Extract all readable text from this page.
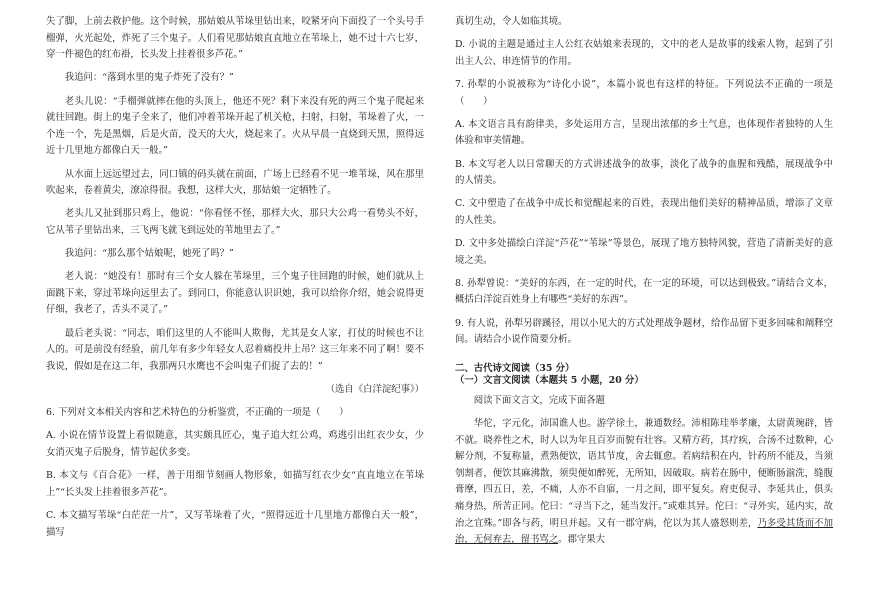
失了脚，上前去救护他。这个时候，那姑娘从苇垛里钻出来，咬紧牙向下面投了一个头号手榴弹，火光起处，炸死了三个鬼子。人们看见那姑娘直直地立在苇垛上，她不过十六七岁，穿一件褪色的红布褂，长头发上挂着很多芦花。”

我追问：“落到水里的鬼子炸死了没有？”

老头儿说：“手榴弹就摔在他的头顶上，他还不死？剩下来没有死的两三个鬼子爬起来就往回跑。街上的鬼子全来了，他们冲着苇垛开起了机关枪，扫射，扫射，苇垛着了火，一个连一个，先是黑烟，后是火苗，没天的大火，烧起来了。火从早晨一直烧到天黑，照得远近十几里地方都像白天一般。”

从水面上远远望过去，同口镇的码头就在前面，广场上已经看不见一堆苇垛，风在那里吹起来，卷着黄尖，潦凉得很。我想，这样大火，那姑娘一定牺牲了。

老头儿又扯到那只鸡上，他说：“你看怪不怪，那样大火，那只大公鸡一看势头不好，它从苇子里钻出来，三飞两飞就飞到远处的苇地里去了。”

我追问：“那么那个姑娘呢，她死了吗？”

老人说：“她没有！那时有三个女人躲在苇垛里，三个鬼子往回跑的时候，她们就从上面跳下来，穿过苇垛向远里去了。到同口，你能意认识识她，我可以给你介绍，她会说得更仔细，我老了，舌头不灵了。”

最后老头说：“同志，咱们这里的人不能叫人欺侮，尤其是女人家，打仗的时候也不让人的。可是前没有经验，前几年有多少年轻女人忍着痛投井上吊？这三年来不同了啊！要不我说，假如是在这二年，我那两只水鹰也不会叫鬼子们捉了去的！”

（选自《白洋淀纪事》）

6. 下列对文本相关内容和艺术特色的分析鉴赏，不正确的一项是（　　）

A. 小说在情节设置上看似随意，其实颇具匠心，鬼子追大红公鸡，鸡逃引出红衣少女，少女消灭鬼子后脱身，情节起伏多变。

B. 本文与《百合花》一样，善于用细节刻画人物形象，如描写红衣少女“直直地立在苇垛上”“长头发上挂着很多芦花”。

C. 本文描写苇垛“白茫茫一片”，又写苇垛着了火，“照得远近十几里地方都像白天一般”，描写

真切生动，令人如临其境。

D. 小说的主题是通过主人公红衣姑娘来表现的，文中的老人是故事的线索人物，起到了引出主人公、串连情节的作用。

7. 孙犁的小说被称为“诗化小说”，本篇小说也有这样的特征。下列说法不正确的一项是（　　）

A. 本文语言具有韵律美，多处运用方言，呈现出浓郁的乡土气息，也体现作者独特的人生体验和审美情趣。

B. 本文写老人以日常聊天的方式讲述战争的故事，淡化了战争的血腥和残酷，展现战争中的人情美。

C. 文中塑造了在战争中成长和觉醒起来的百姓，表现出他们美好的精神品质，增添了文章的人性美。

D. 文中多处描绘白洋淀“芦花”“苇垛”等景色，展现了地方独特风貌，营造了清新美好的意境之美。

8. 孙犁曾说：“美好的东西，在一定的时代，在一定的环境，可以达到极致。”请结合文本，概括白洋淀百姓身上有哪些“美好的东西”。

9. 有人说，孙犁另辟蹊径，用以小见大的方式处理战争题材，给作品留下更多回味和阐释空间。请结合小说作简要分析。

二、古代诗文阅读（35 分）
（一）文言文阅读（本题共 5 小题，20 分）

阅读下面文言文，完成下面各题

华佗，字元化，沛国谯人也。游学徐土，兼通数经。沛相陈珪举孝廉，太尉黄琬辟，皆不就。晓养性之术，时人以为年且百岁而貌有壮容。又精方药，其疗疾，合汤不过数种，心解分剂，不复称量，煮熟便饮，语其节度，舍去辄愈。若病结积在内，针药所不能及，当须刳割者，便饮其麻沸散，须臾便如醉死，无所知，因破取。病若在肠中，便断肠湔洗，缝腹膏摩，四五日，差，不痛，人亦不自寤，一月之间，即平复矣。府吏倪寻、李延共止，俱头痛身热，所苦正同。佗曰：“寻当下之，延当发汗。”或难其异。佗曰：“寻外实，延内实，故治之宜殊。”即各与药，明旦并起。又有一郡守病，佗以为其人盛怒则差，乃多受其货而不加治，无何弃去，留书骂之。郡守果大
